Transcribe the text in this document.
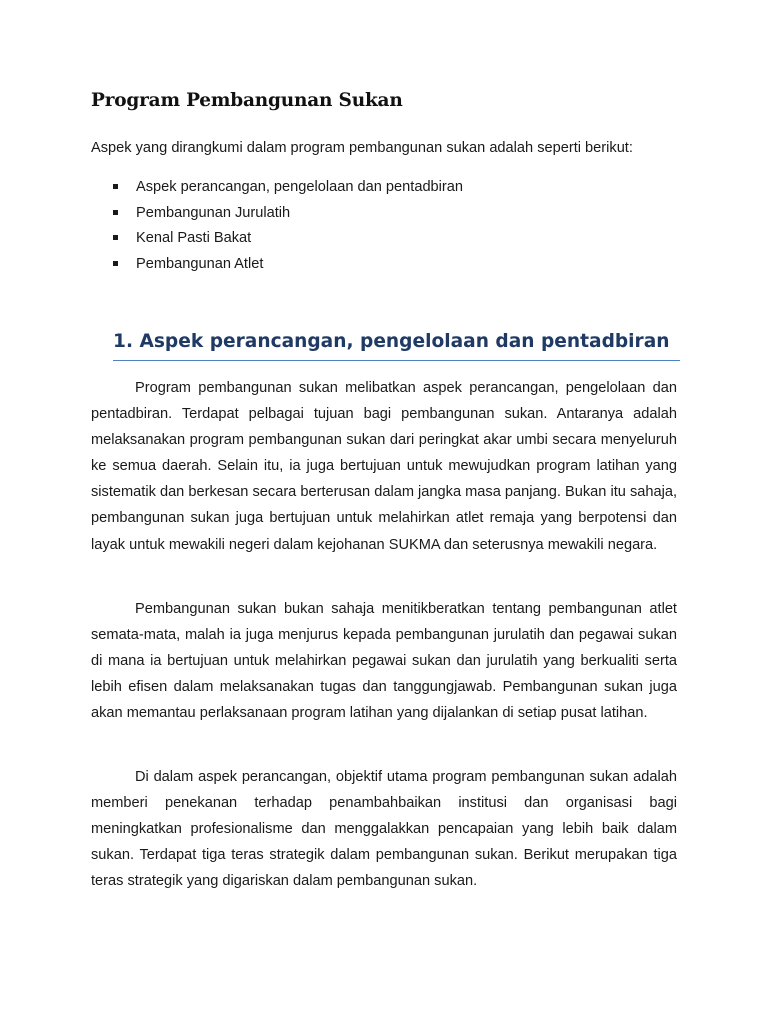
Program Pembangunan Sukan

Aspek yang dirangkumi dalam program pembangunan sukan adalah seperti berikut:

Aspek perancangan, pengelolaan dan pentadbiran
Pembangunan Jurulatih
Kenal Pasti Bakat
Pembangunan Atlet
1. Aspek perancangan, pengelolaan dan pentadbiran

Program pembangunan sukan melibatkan aspek perancangan, pengelolaan dan pentadbiran. Terdapat pelbagai tujuan bagi pembangunan sukan. Antaranya adalah melaksanakan program pembangunan sukan dari peringkat akar umbi secara menyeluruh ke semua daerah. Selain itu, ia juga bertujuan untuk mewujudkan program latihan yang sistematik dan berkesan secara berterusan dalam jangka masa panjang. Bukan itu sahaja, pembangunan sukan juga bertujuan untuk melahirkan atlet remaja yang berpotensi dan layak untuk mewakili negeri dalam kejohanan SUKMA dan seterusnya mewakili negara.

Pembangunan sukan bukan sahaja menitikberatkan tentang pembangunan atlet semata-mata, malah ia juga menjurus kepada pembangunan jurulatih dan pegawai sukan di mana ia bertujuan untuk melahirkan pegawai sukan dan jurulatih yang berkualiti serta lebih efisen dalam melaksanakan tugas dan tanggungjawab. Pembangunan sukan juga akan memantau perlaksanaan program latihan yang dijalankan di setiap pusat latihan.

Di dalam aspek perancangan, objektif utama program pembangunan sukan adalah memberi penekanan terhadap penambahbaikan institusi dan organisasi bagi meningkatkan profesionalisme dan menggalakkan pencapaian yang lebih baik dalam sukan. Terdapat tiga teras strategik dalam pembangunan sukan. Berikut merupakan tiga teras strategik yang digariskan dalam pembangunan sukan.
